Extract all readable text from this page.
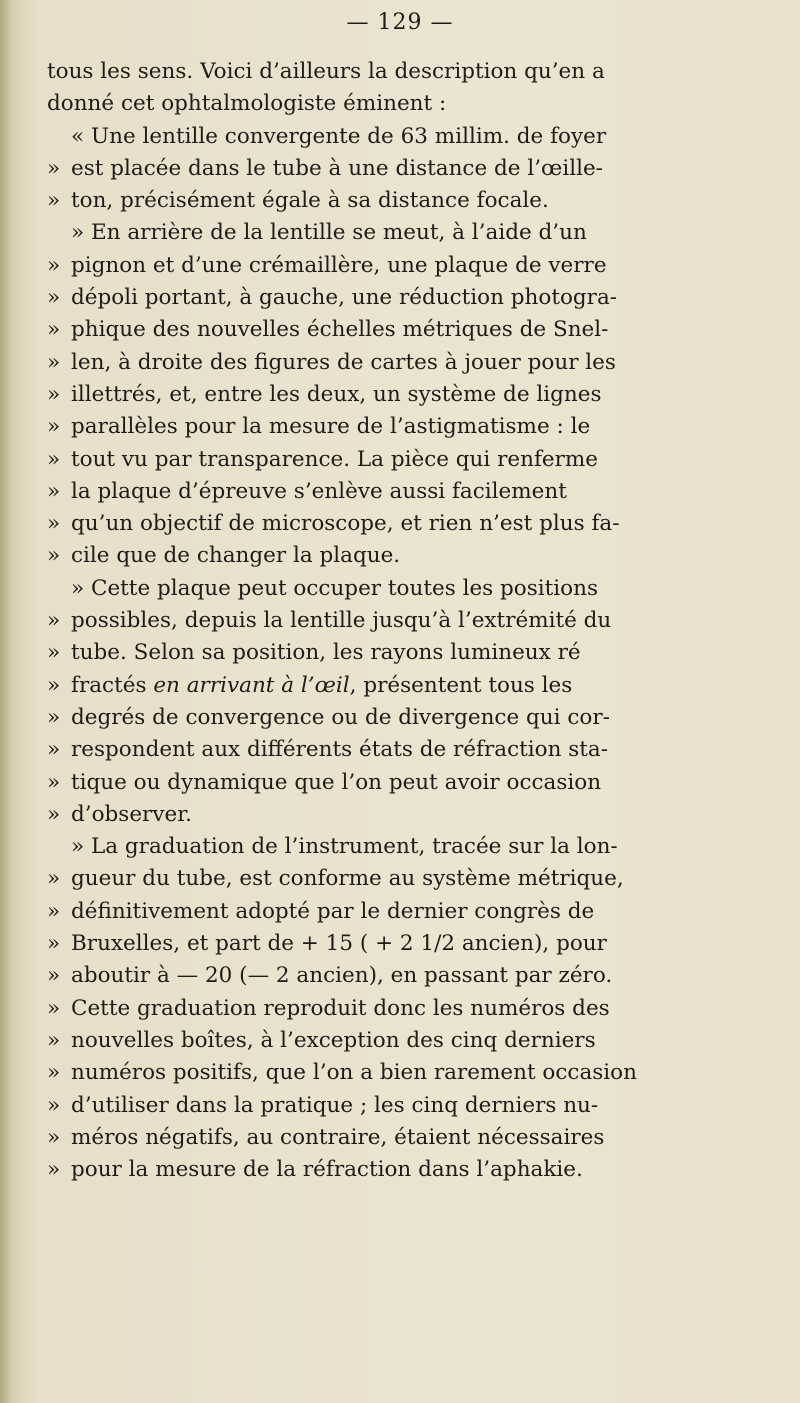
— 129 —
tous les sens. Voici d’ailleurs la description qu’en a
donné cet ophtalmologiste éminent :
« Une lentille convergente de 63 millim. de foyer
» est placée dans le tube à une distance de l’œille-
» ton, précisément égale à sa distance focale.
» En arrière de la lentille se meut, à l’aide d’un
» pignon et d’une crémaillère, une plaque de verre
» dépoli portant, à gauche, une réduction photogra-
» phique des nouvelles échelles métriques de Snel-
» len, à droite des figures de cartes à jouer pour les
» illettrés, et, entre les deux, un système de lignes
» parallèles pour la mesure de l’astigmatisme : le
» tout vu par transparence. La pièce qui renferme
» la plaque d’épreuve s’enlève aussi facilement
» qu’un objectif de microscope, et rien n’est plus fa-
» cile que de changer la plaque.
» Cette plaque peut occuper toutes les positions
» possibles, depuis la lentille jusqu’à l’extrémité du
» tube. Selon sa position, les rayons lumineux ré
» fractés en arrivant à l’œil, présentent tous les
» degrés de convergence ou de divergence qui cor-
» respondent aux différents états de réfraction sta-
» tique ou dynamique que l’on peut avoir occasion
» d’observer.
» La graduation de l’instrument, tracée sur la lon-
» gueur du tube, est conforme au système métrique,
» définitivement adopté par le dernier congrès de
» Bruxelles, et part de + 15 ( + 2 1/2 ancien), pour
» aboutir à — 20 (— 2 ancien), en passant par zéro.
» Cette graduation reproduit donc les numéros des
» nouvelles boîtes, à l’exception des cinq derniers
» numéros positifs, que l’on a bien rarement occasion
» d’utiliser dans la pratique ; les cinq derniers nu-
» méros négatifs, au contraire, étaient nécessaires
» pour la mesure de la réfraction dans l’aphakie.
